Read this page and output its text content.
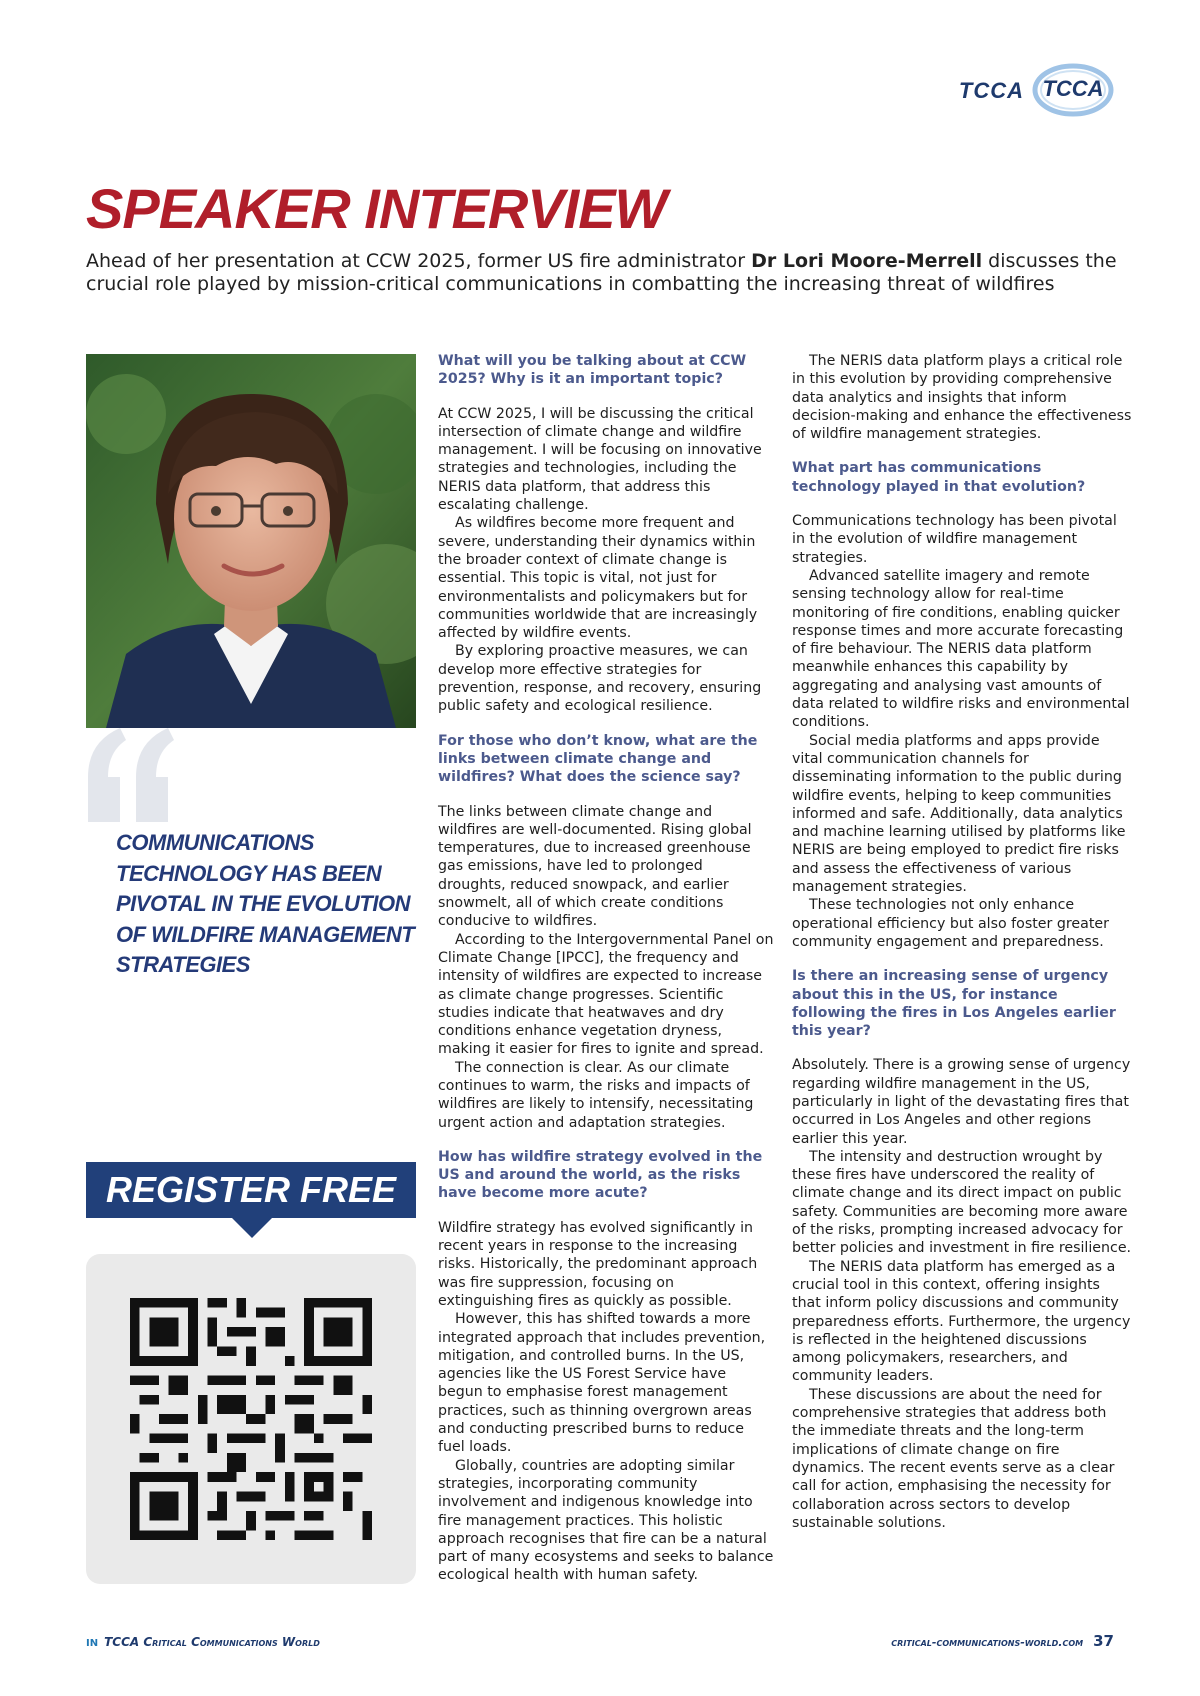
TCCA TCCA
SPEAKER INTERVIEW

Ahead of her presentation at CCW 2025, former US fire administrator Dr Lori Moore-Merrell discusses the crucial role played by mission-critical communications in combatting the increasing threat of wildfires

COMMUNICATIONS TECHNOLOGY HAS BEEN PIVOTAL IN THE EVOLUTION OF WILDFIRE MANAGEMENT STRATEGIES

REGISTER FREE
What will you be talking about at CCW 2025? Why is it an important topic?

At CCW 2025, I will be discussing the critical intersection of climate change and wildfire management. I will be focusing on innovative strategies and technologies, including the NERIS data platform, that address this escalating challenge.

As wildfires become more frequent and severe, understanding their dynamics within the broader context of climate change is essential. This topic is vital, not just for environmentalists and policymakers but for communities worldwide that are increasingly affected by wildfire events.

By exploring proactive measures, we can develop more effective strategies for prevention, response, and recovery, ensuring public safety and ecological resilience.

For those who don’t know, what are the links between climate change and wildfires? What does the science say?

The links between climate change and wildfires are well-documented. Rising global temperatures, due to increased greenhouse gas emissions, have led to prolonged droughts, reduced snowpack, and earlier snowmelt, all of which create conditions conducive to wildfires.

According to the Intergovernmental Panel on Climate Change [IPCC], the frequency and intensity of wildfires are expected to increase as climate change progresses. Scientific studies indicate that heatwaves and dry conditions enhance vegetation dryness, making it easier for fires to ignite and spread.

The connection is clear. As our climate continues to warm, the risks and impacts of wildfires are likely to intensify, necessitating urgent action and adaptation strategies.

How has wildfire strategy evolved in the US and around the world, as the risks have become more acute?

Wildfire strategy has evolved significantly in recent years in response to the increasing risks. Historically, the predominant approach was fire suppression, focusing on extinguishing fires as quickly as possible.

However, this has shifted towards a more integrated approach that includes prevention, mitigation, and controlled burns. In the US, agencies like the US Forest Service have begun to emphasise forest management practices, such as thinning overgrown areas and conducting prescribed burns to reduce fuel loads.

Globally, countries are adopting similar strategies, incorporating community involvement and indigenous knowledge into fire management practices. This holistic approach recognises that fire can be a natural part of many ecosystems and seeks to balance ecological health with human safety.

The NERIS data platform plays a critical role in this evolution by providing comprehensive data analytics and insights that inform decision-making and enhance the effectiveness of wildfire management strategies.

What part has communications technology played in that evolution?

Communications technology has been pivotal in the evolution of wildfire management strategies.

Advanced satellite imagery and remote sensing technology allow for real-time monitoring of fire conditions, enabling quicker response times and more accurate forecasting of fire behaviour. The NERIS data platform meanwhile enhances this capability by aggregating and analysing vast amounts of data related to wildfire risks and environmental conditions.

Social media platforms and apps provide vital communication channels for disseminating information to the public during wildfire events, helping to keep communities informed and safe. Additionally, data analytics and machine learning utilised by platforms like NERIS are being employed to predict fire risks and assess the effectiveness of various management strategies.

These technologies not only enhance operational efficiency but also foster greater community engagement and preparedness.

Is there an increasing sense of urgency about this in the US, for instance following the fires in Los Angeles earlier this year?

Absolutely. There is a growing sense of urgency regarding wildfire management in the US, particularly in light of the devastating fires that occurred in Los Angeles and other regions earlier this year.

The intensity and destruction wrought by these fires have underscored the reality of climate change and its direct impact on public safety. Communities are becoming more aware of the risks, prompting increased advocacy for better policies and investment in fire resilience.

The NERIS data platform has emerged as a crucial tool in this context, offering insights that inform policy discussions and community preparedness efforts. Furthermore, the urgency is reflected in the heightened discussions among policymakers, researchers, and community leaders.

These discussions are about the need for comprehensive strategies that address both the immediate threats and the long-term implications of climate change on fire dynamics. The recent events serve as a clear call for action, emphasising the necessity for collaboration across sectors to develop sustainable solutions.

in TCCA Critical Communications World	critical-communications-world.com 37
